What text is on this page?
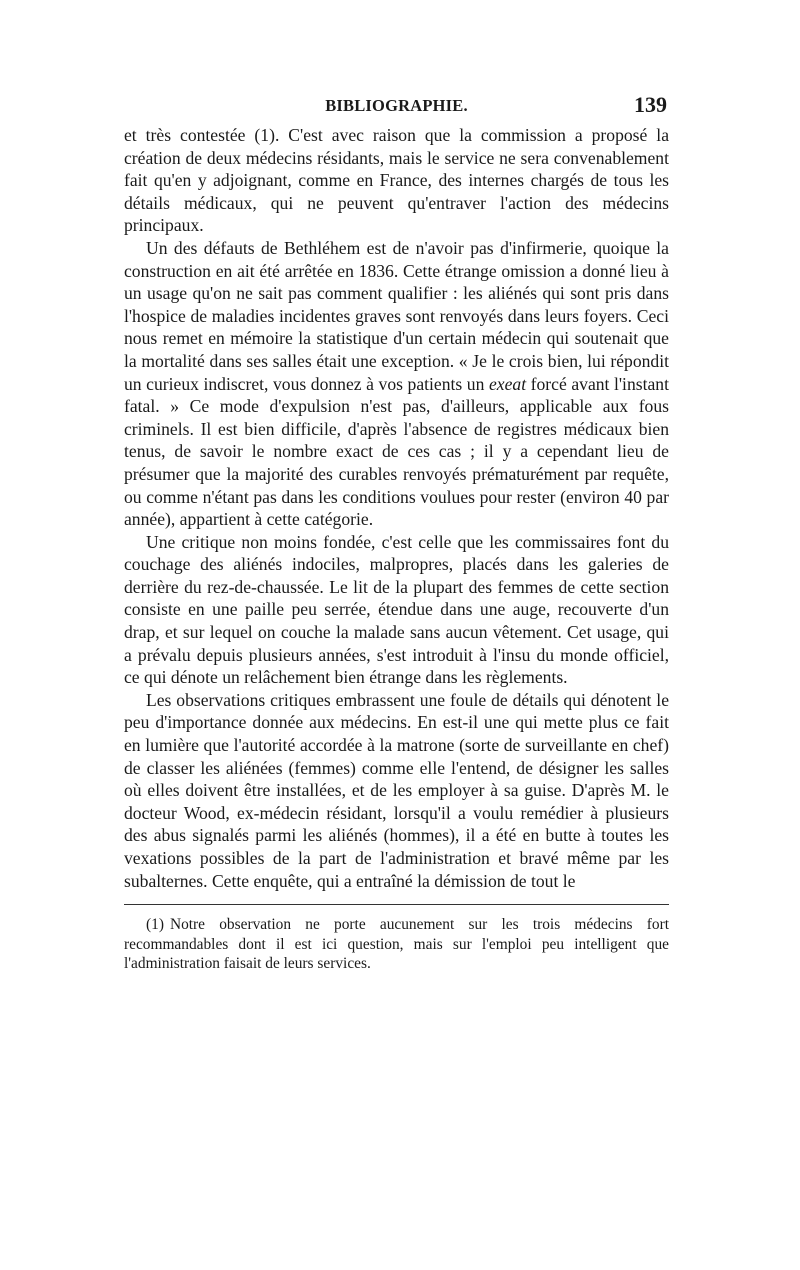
BIBLIOGRAPHIE.	139

et très contestée (1). C'est avec raison que la commission a proposé la création de deux médecins résidants, mais le service ne sera convenablement fait qu'en y adjoignant, comme en France, des internes chargés de tous les détails médicaux, qui ne peuvent qu'entraver l'action des médecins principaux.

Un des défauts de Bethléhem est de n'avoir pas d'infirmerie, quoique la construction en ait été arrêtée en 1836. Cette étrange omission a donné lieu à un usage qu'on ne sait pas comment qualifier : les aliénés qui sont pris dans l'hospice de maladies incidentes graves sont renvoyés dans leurs foyers. Ceci nous remet en mémoire la statistique d'un certain médecin qui soutenait que la mortalité dans ses salles était une exception. « Je le crois bien, lui répondit un curieux indiscret, vous donnez à vos patients un exeat forcé avant l'instant fatal. » Ce mode d'expulsion n'est pas, d'ailleurs, applicable aux fous criminels. Il est bien difficile, d'après l'absence de registres médicaux bien tenus, de savoir le nombre exact de ces cas ; il y a cependant lieu de présumer que la majorité des curables renvoyés prématurément par requête, ou comme n'étant pas dans les conditions voulues pour rester (environ 40 par année), appartient à cette catégorie.

Une critique non moins fondée, c'est celle que les commissaires font du couchage des aliénés indociles, malpropres, placés dans les galeries de derrière du rez-de-chaussée. Le lit de la plupart des femmes de cette section consiste en une paille peu serrée, étendue dans une auge, recouverte d'un drap, et sur lequel on couche la malade sans aucun vêtement. Cet usage, qui a prévalu depuis plusieurs années, s'est introduit à l'insu du monde officiel, ce qui dénote un relâchement bien étrange dans les règlements.

Les observations critiques embrassent une foule de détails qui dénotent le peu d'importance donnée aux médecins. En est-il une qui mette plus ce fait en lumière que l'autorité accordée à la matrone (sorte de surveillante en chef) de classer les aliénées (femmes) comme elle l'entend, de désigner les salles où elles doivent être installées, et de les employer à sa guise. D'après M. le docteur Wood, ex-médecin résidant, lorsqu'il a voulu remédier à plusieurs des abus signalés parmi les aliénés (hommes), il a été en butte à toutes les vexations possibles de la part de l'administration et bravé même par les subalternes. Cette enquête, qui a entraîné la démission de tout le

(1) Notre observation ne porte aucunement sur les trois médecins fort recommandables dont il est ici question, mais sur l'emploi peu intelligent que l'administration faisait de leurs services.
